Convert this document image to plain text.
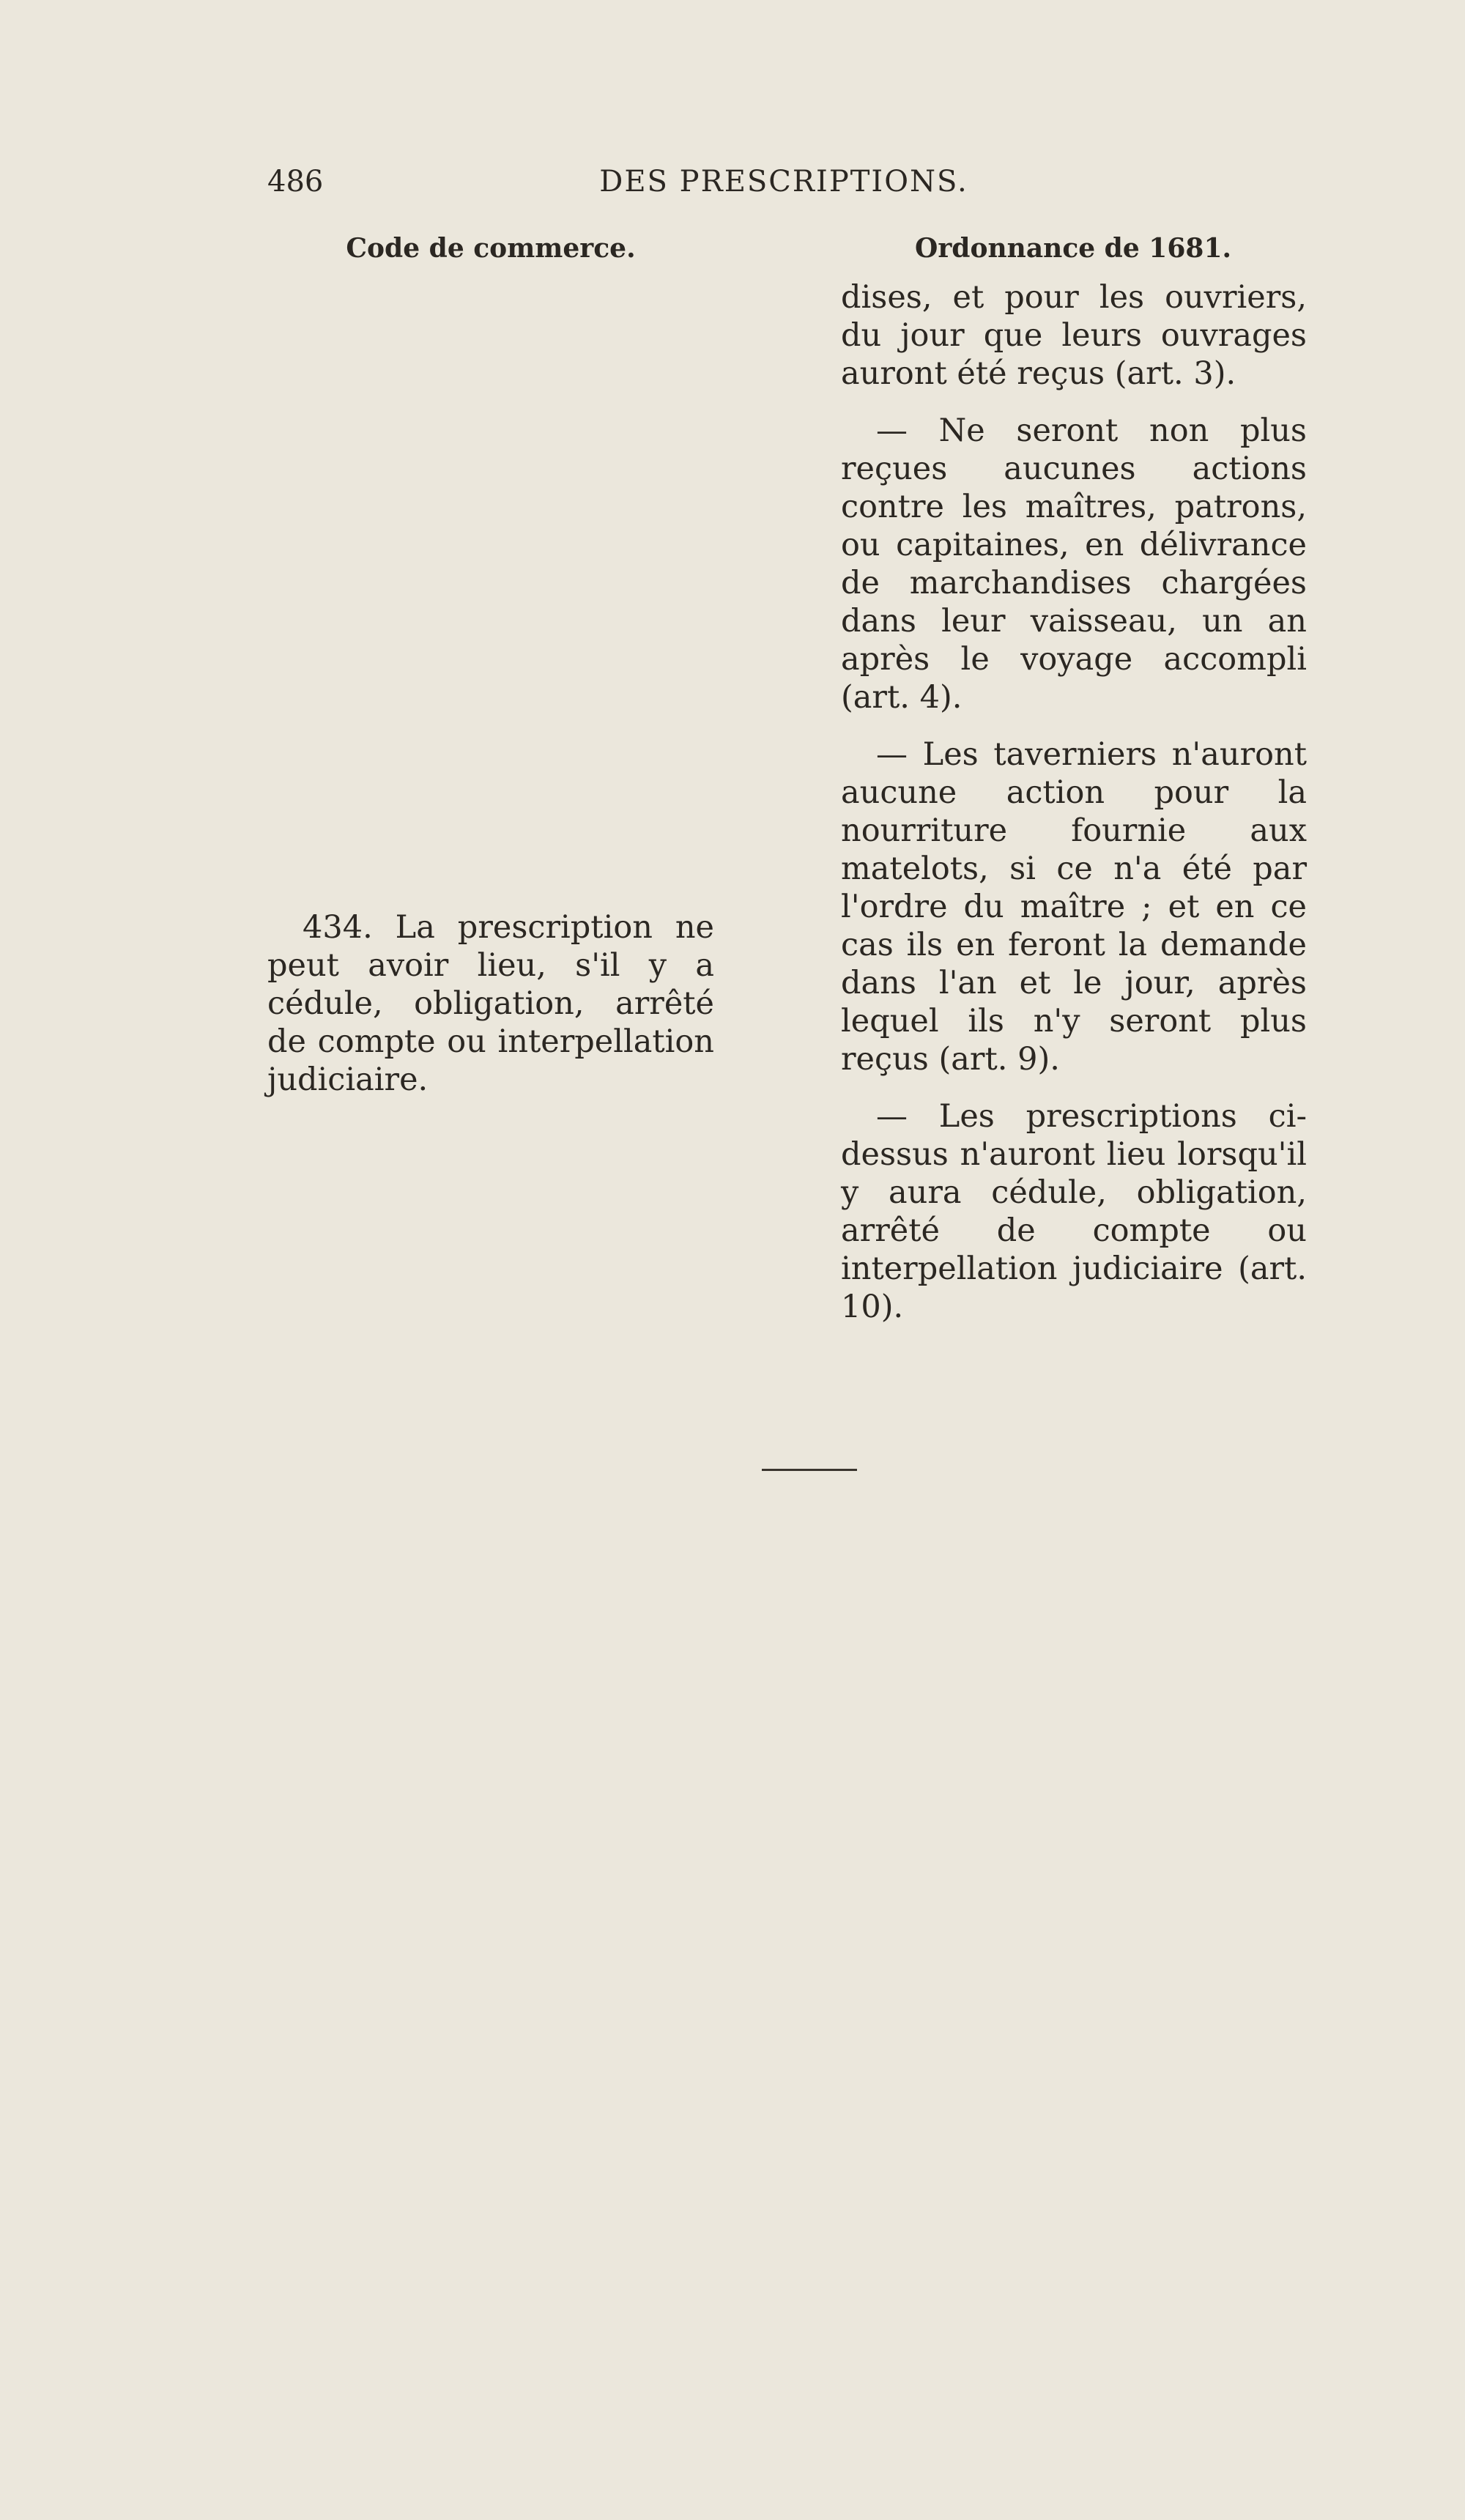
486	DES PRESCRIPTIONS.
Code de commerce.	Ordonnance de 1681.

434. La prescription ne peut avoir lieu, s'il y a cédule, obligation, arrêté de compte ou interpellation judiciaire.

dises, et pour les ouvriers, du jour que leurs ouvrages auront été reçus (art. 3).

— Ne seront non plus reçues aucunes actions contre les maîtres, patrons, ou capitaines, en délivrance de marchandises chargées dans leur vaisseau, un an après le voyage accompli (art. 4).

— Les taverniers n'auront aucune action pour la nourriture fournie aux matelots, si ce n'a été par l'ordre du maître ; et en ce cas ils en feront la demande dans l'an et le jour, après lequel ils n'y seront plus reçus (art. 9).

— Les prescriptions ci-dessus n'auront lieu lorsqu'il y aura cédule, obligation, arrêté de compte ou interpellation judiciaire (art. 10).
